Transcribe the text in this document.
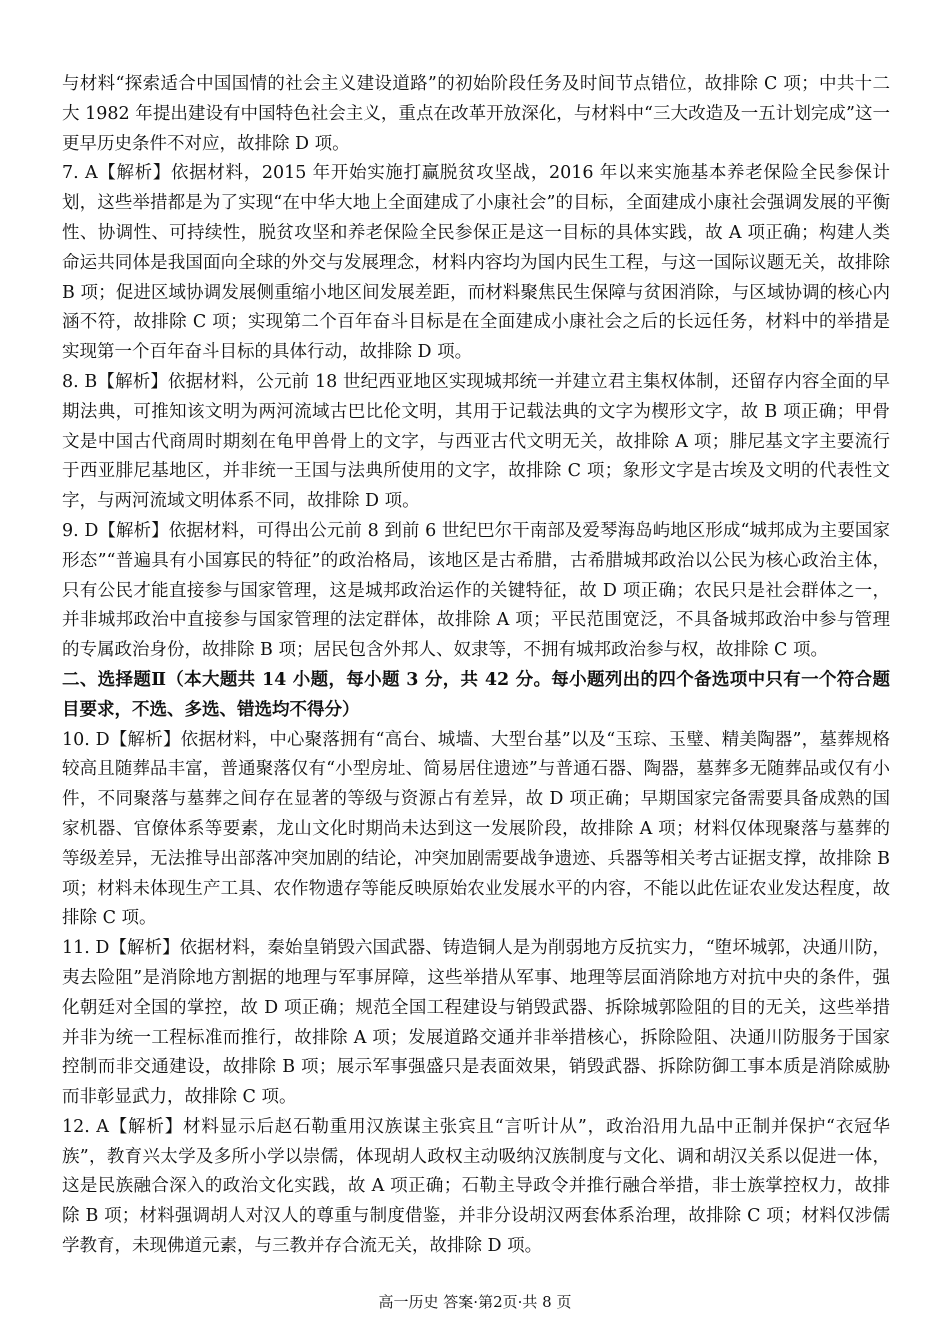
与材料“探索适合中国国情的社会主义建设道路”的初始阶段任务及时间节点错位，故排除 C 项；中共十二大 1982 年提出建设有中国特色社会主义，重点在改革开放深化，与材料中“三大改造及一五计划完成”这一更早历史条件不对应，故排除 D 项。

7. A【解析】依据材料，2015 年开始实施打赢脱贫攻坚战，2016 年以来实施基本养老保险全民参保计划，这些举措都是为了实现“在中华大地上全面建成了小康社会”的目标，全面建成小康社会强调发展的平衡性、协调性、可持续性，脱贫攻坚和养老保险全民参保正是这一目标的具体实践，故 A 项正确；构建人类命运共同体是我国面向全球的外交与发展理念，材料内容均为国内民生工程，与这一国际议题无关，故排除 B 项；促进区域协调发展侧重缩小地区间发展差距，而材料聚焦民生保障与贫困消除，与区域协调的核心内涵不符，故排除 C 项；实现第二个百年奋斗目标是在全面建成小康社会之后的长远任务，材料中的举措是实现第一个百年奋斗目标的具体行动，故排除 D 项。

8. B【解析】依据材料，公元前 18 世纪西亚地区实现城邦统一并建立君主集权体制，还留存内容全面的早期法典，可推知该文明为两河流域古巴比伦文明，其用于记载法典的文字为楔形文字，故 B 项正确；甲骨文是中国古代商周时期刻在龟甲兽骨上的文字，与西亚古代文明无关，故排除 A 项；腓尼基文字主要流行于西亚腓尼基地区，并非统一王国与法典所使用的文字，故排除 C 项；象形文字是古埃及文明的代表性文字，与两河流域文明体系不同，故排除 D 项。

9. D【解析】依据材料，可得出公元前 8 到前 6 世纪巴尔干南部及爱琴海岛屿地区形成“城邦成为主要国家形态”“普遍具有小国寡民的特征”的政治格局，该地区是古希腊，古希腊城邦政治以公民为核心政治主体，只有公民才能直接参与国家管理，这是城邦政治运作的关键特征，故 D 项正确；农民只是社会群体之一，并非城邦政治中直接参与国家管理的法定群体，故排除 A 项；平民范围宽泛，不具备城邦政治中参与管理的专属政治身份，故排除 B 项；居民包含外邦人、奴隶等，不拥有城邦政治参与权，故排除 C 项。

二、选择题Ⅱ（本大题共 14 小题，每小题 3 分，共 42 分。每小题列出的四个备选项中只有一个符合题目要求，不选、多选、错选均不得分）

10. D【解析】依据材料，中心聚落拥有“高台、城墙、大型台基”以及“玉琮、玉璧、精美陶器”，墓葬规格较高且随葬品丰富，普通聚落仅有“小型房址、简易居住遗迹”与普通石器、陶器，墓葬多无随葬品或仅有小件，不同聚落与墓葬之间存在显著的等级与资源占有差异，故 D 项正确；早期国家完备需要具备成熟的国家机器、官僚体系等要素，龙山文化时期尚未达到这一发展阶段，故排除 A 项；材料仅体现聚落与墓葬的等级差异，无法推导出部落冲突加剧的结论，冲突加剧需要战争遗迹、兵器等相关考古证据支撑，故排除 B 项；材料未体现生产工具、农作物遗存等能反映原始农业发展水平的内容，不能以此佐证农业发达程度，故排除 C 项。

11. D【解析】依据材料，秦始皇销毁六国武器、铸造铜人是为削弱地方反抗实力，“堕坏城郭，决通川防，夷去险阻”是消除地方割据的地理与军事屏障，这些举措从军事、地理等层面消除地方对抗中央的条件，强化朝廷对全国的掌控，故 D 项正确；规范全国工程建设与销毁武器、拆除城郭险阻的目的无关，这些举措并非为统一工程标准而推行，故排除 A 项；发展道路交通并非举措核心，拆除险阻、决通川防服务于国家控制而非交通建设，故排除 B 项；展示军事强盛只是表面效果，销毁武器、拆除防御工事本质是消除威胁而非彰显武力，故排除 C 项。

12. A【解析】材料显示后赵石勒重用汉族谋主张宾且“言听计从”，政治沿用九品中正制并保护“衣冠华族”，教育兴太学及多所小学以崇儒，体现胡人政权主动吸纳汉族制度与文化、调和胡汉关系以促进一体，这是民族融合深入的政治文化实践，故 A 项正确；石勒主导政令并推行融合举措，非士族掌控权力，故排除 B 项；材料强调胡人对汉人的尊重与制度借鉴，并非分设胡汉两套体系治理，故排除 C 项；材料仅涉儒学教育，未现佛道元素，与三教并存合流无关，故排除 D 项。

高一历史 答案·第2页·共 8 页
